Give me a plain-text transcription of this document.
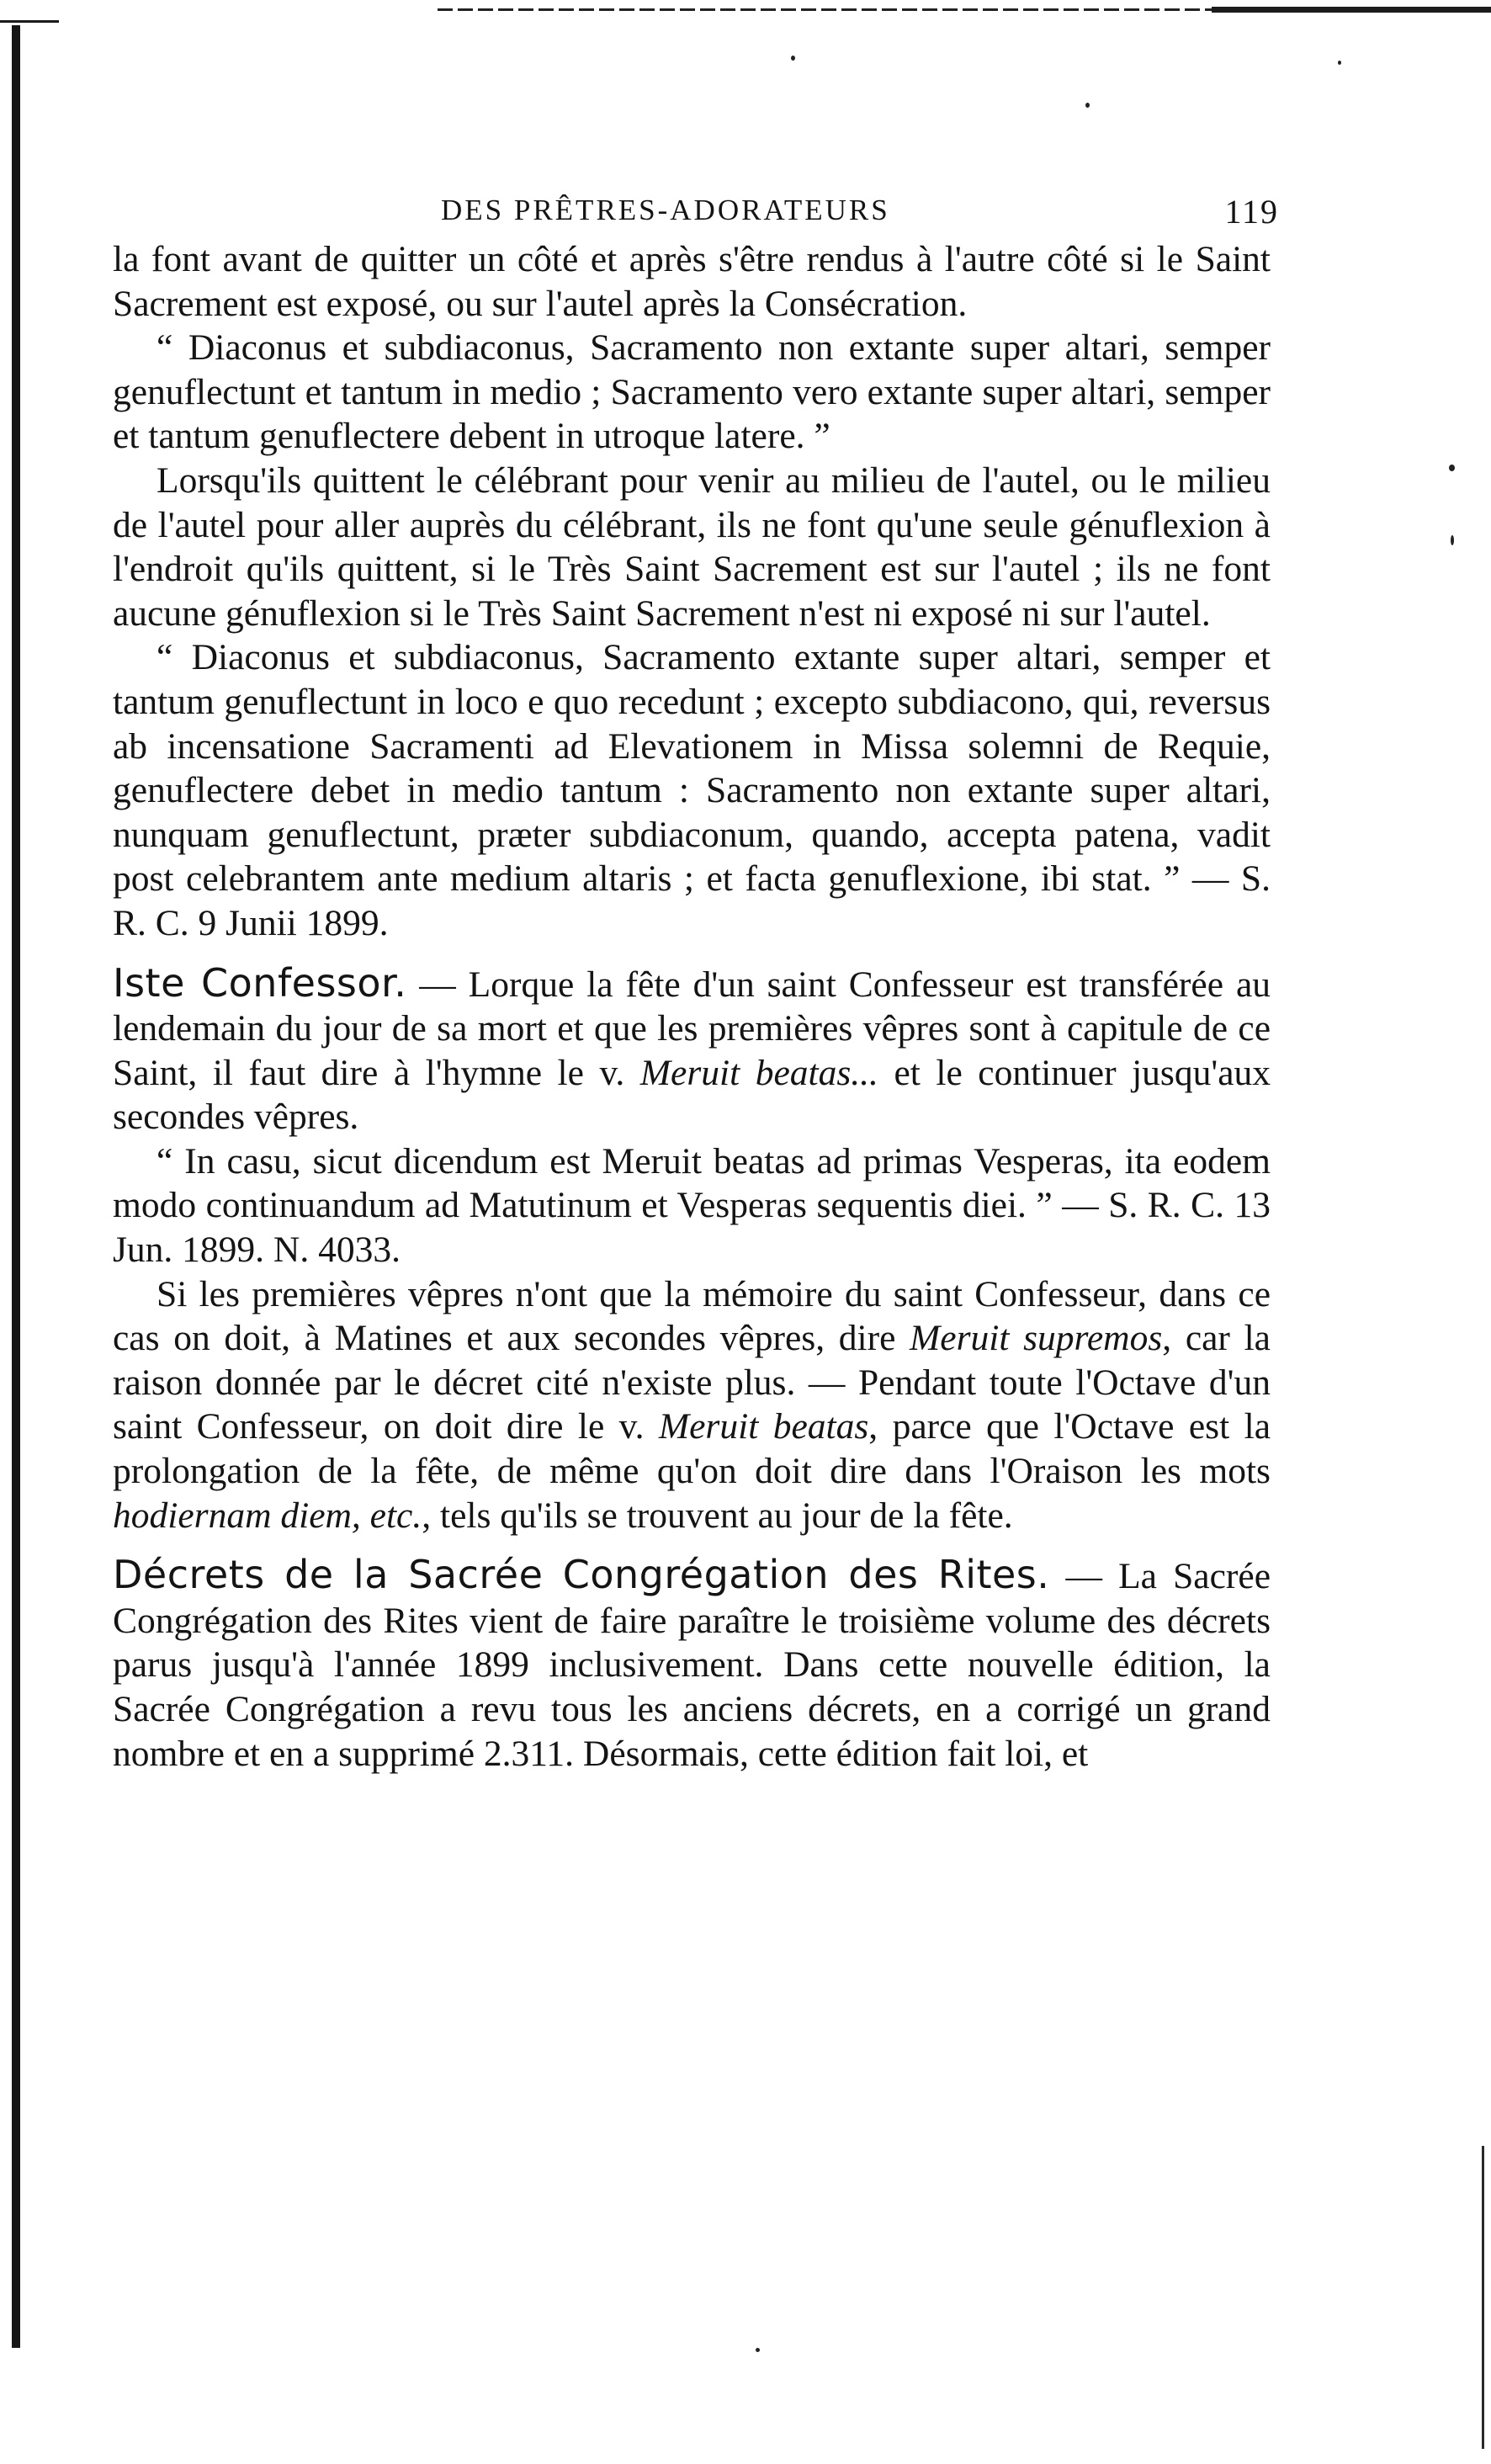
DES PRÊTRES-ADORATEURS	119

la font avant de quitter un côté et après s'être rendus à l'autre côté si le Saint Sacrement est exposé, ou sur l'autel après la Consécration.

“ Diaconus et subdiaconus, Sacramento non extante super altari, semper genuflectunt et tantum in medio ; Sacramento vero extante super altari, semper et tantum genuflectere debent in utroque latere. ”

Lorsqu'ils quittent le célébrant pour venir au milieu de l'autel, ou le milieu de l'autel pour aller auprès du célébrant, ils ne font qu'une seule génuflexion à l'endroit qu'ils quittent, si le Très Saint Sacrement est sur l'autel ; ils ne font aucune génuflexion si le Très Saint Sacrement n'est ni exposé ni sur l'autel.

“ Diaconus et subdiaconus, Sacramento extante super altari, semper et tantum genuflectunt in loco e quo recedunt ; excepto subdiacono, qui, reversus ab incensatione Sacramenti ad Elevationem in Missa solemni de Requie, genuflectere debet in medio tantum : Sacramento non extante super altari, nunquam genuflectunt, præter subdiaconum, quando, accepta patena, vadit post celebrantem ante medium altaris ; et facta genuflexione, ibi stat. ” — S. R. C. 9 Junii 1899.

Iste Confessor. — Lorque la fête d'un saint Confesseur est transférée au lendemain du jour de sa mort et que les premières vêpres sont à capitule de ce Saint, il faut dire à l'hymne le v. Meruit beatas... et le continuer jusqu'aux secondes vêpres.

“ In casu, sicut dicendum est Meruit beatas ad primas Vesperas, ita eodem modo continuandum ad Matutinum et Vesperas sequentis diei. ” — S. R. C. 13 Jun. 1899. N. 4033.

Si les premières vêpres n'ont que la mémoire du saint Confesseur, dans ce cas on doit, à Matines et aux secondes vêpres, dire Meruit supremos, car la raison donnée par le décret cité n'existe plus. — Pendant toute l'Octave d'un saint Confesseur, on doit dire le v. Meruit beatas, parce que l'Octave est la prolongation de la fête, de même qu'on doit dire dans l'Oraison les mots hodiernam diem, etc., tels qu'ils se trouvent au jour de la fête.

Décrets de la Sacrée Congrégation des Rites. — La Sacrée Congrégation des Rites vient de faire paraître le troisième volume des décrets parus jusqu'à l'année 1899 inclusivement. Dans cette nouvelle édition, la Sacrée Congrégation a revu tous les anciens décrets, en a corrigé un grand nombre et en a supprimé 2.311. Désormais, cette édition fait loi, et
